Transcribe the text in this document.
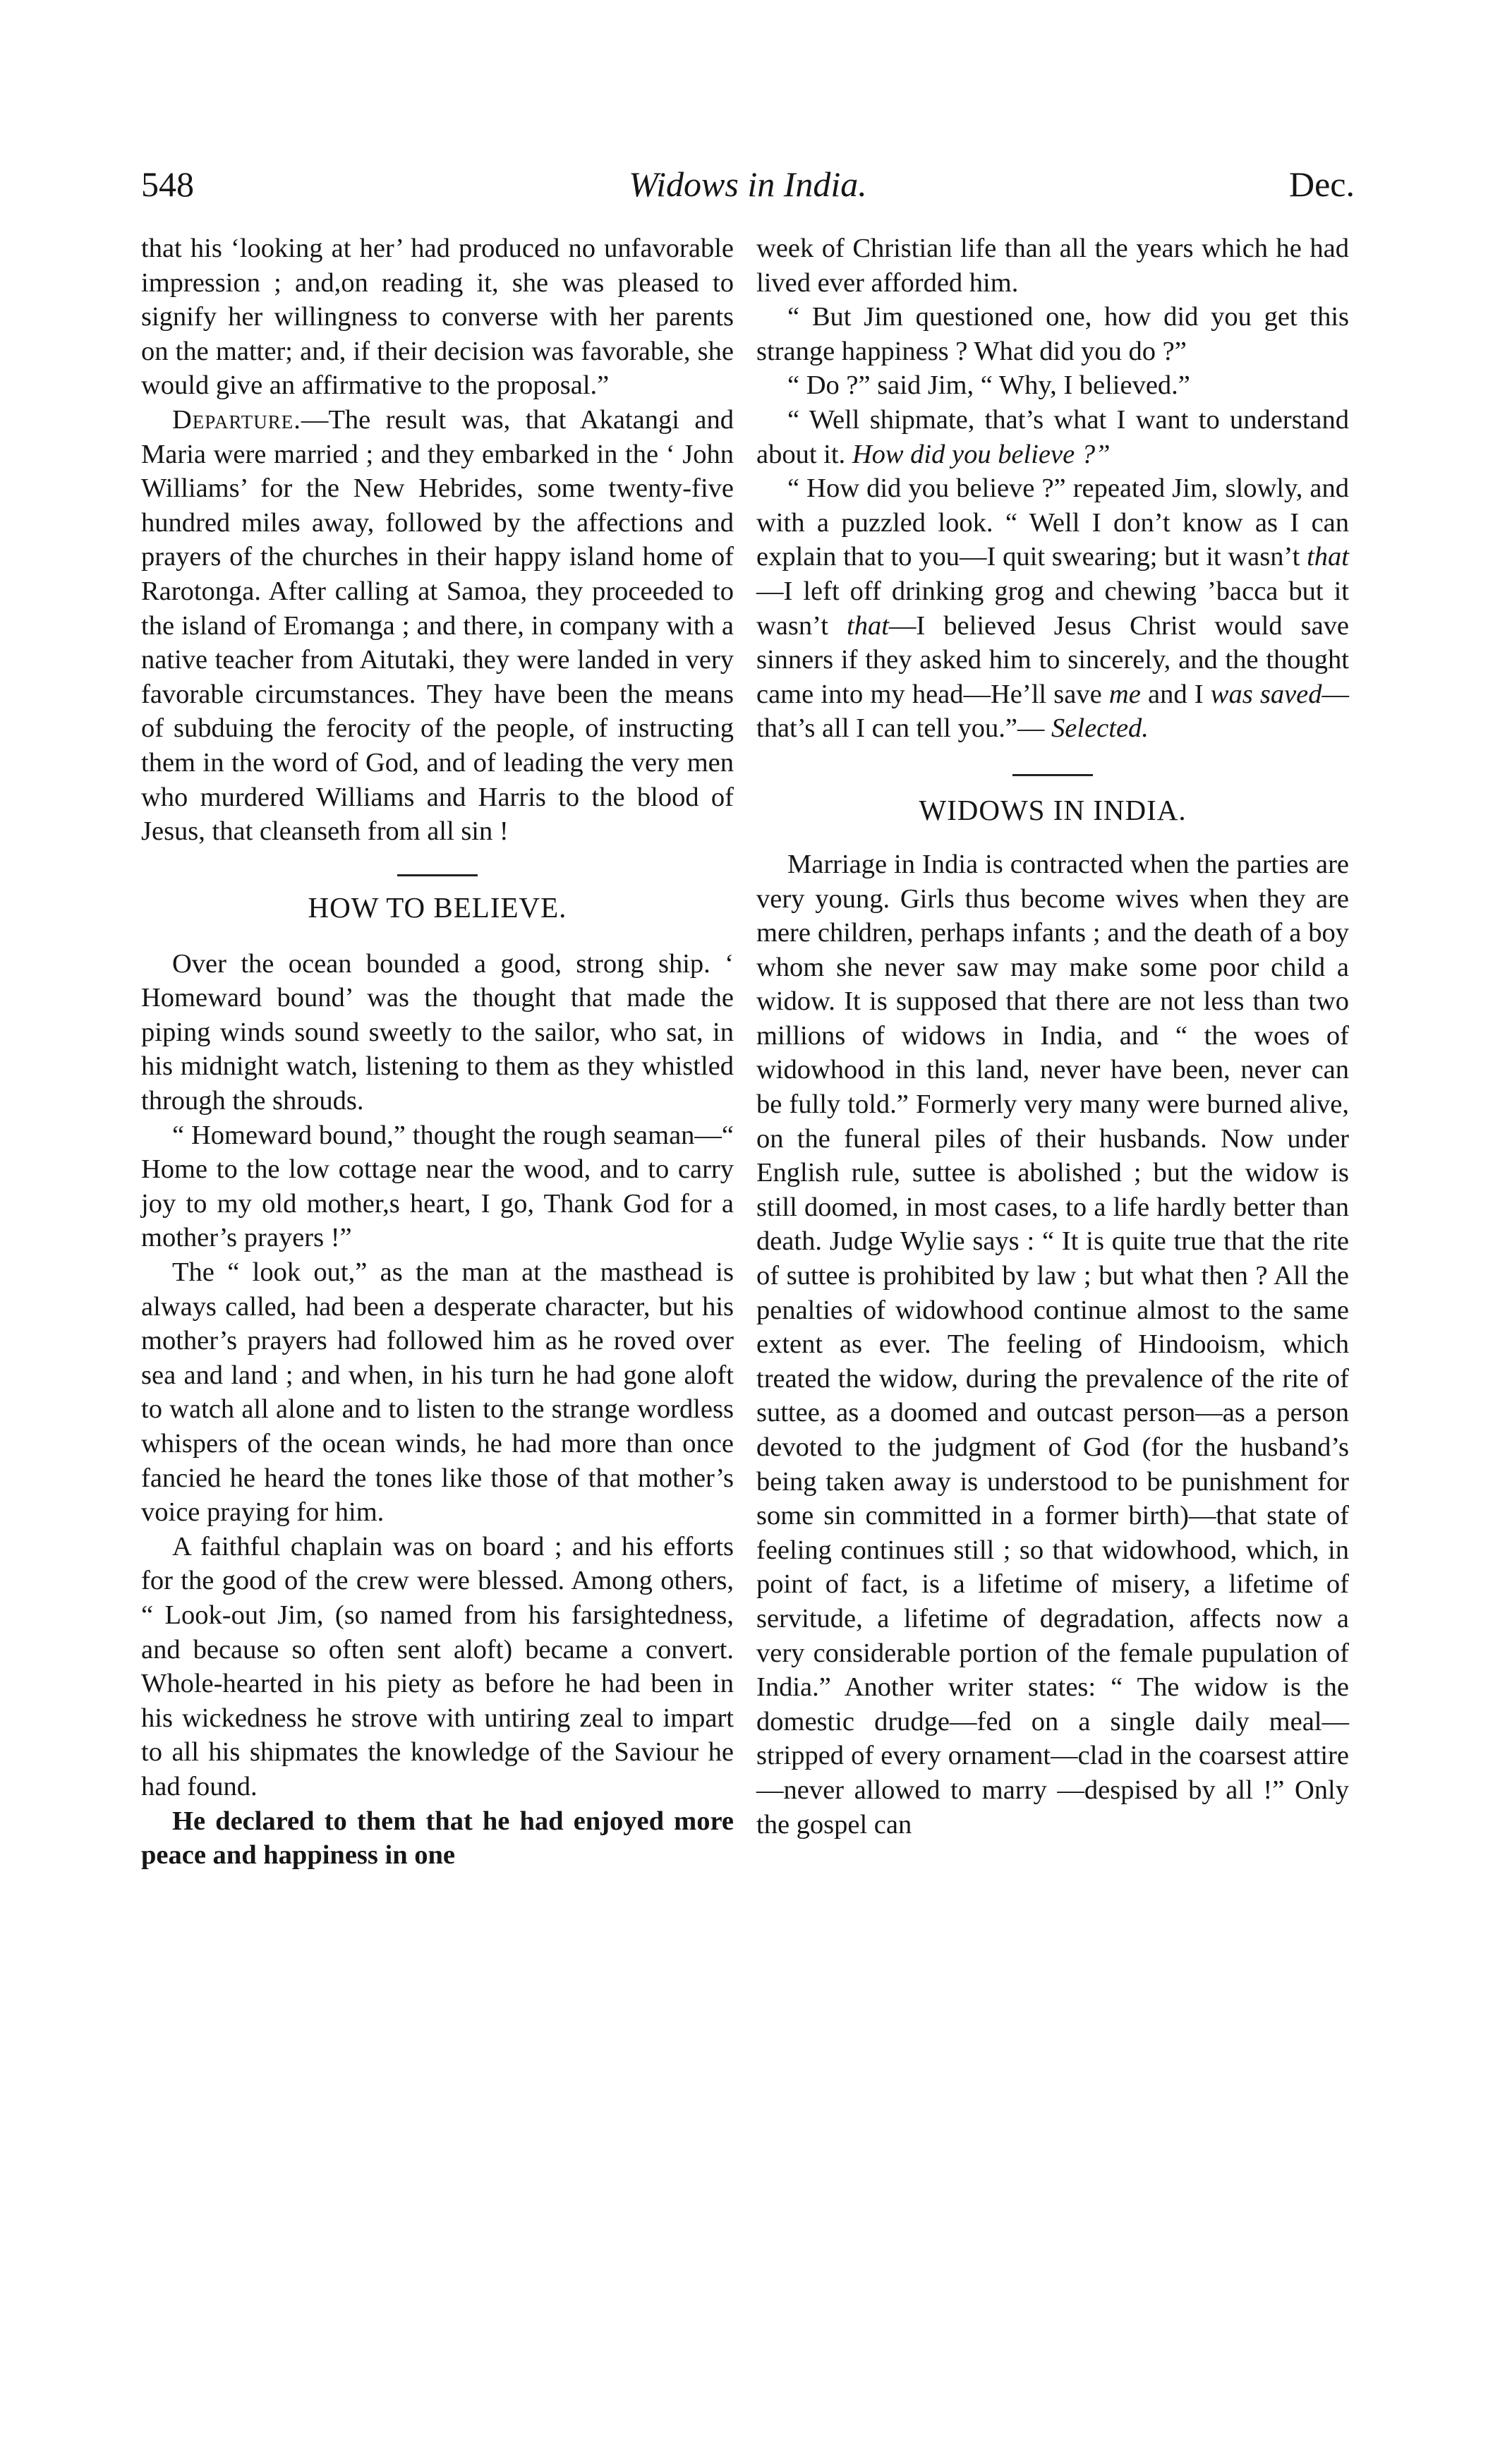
548	Widows in India.	Dec.

that his ‘looking at her’ had produced no unfavorable impression ; and,on reading it, she was pleased to signify her willingness to converse with her parents on the matter; and, if their decision was favorable, she would give an affirmative to the proposal.”

Departure.—The result was, that Akatangi and Maria were married ; and they embarked in the ‘ John Williams’ for the New Hebrides, some twenty-five hundred miles away, followed by the affections and prayers of the churches in their happy island home of Rarotonga. After calling at Samoa, they proceeded to the island of Eromanga ; and there, in company with a native teacher from Aitutaki, they were landed in very favorable circumstances. They have been the means of subduing the ferocity of the people, of instructing them in the word of God, and of leading the very men who murdered Williams and Harris to the blood of Jesus, that cleanseth from all sin !

HOW TO BELIEVE.

Over the ocean bounded a good, strong ship. ‘ Homeward bound’ was the thought that made the piping winds sound sweetly to the sailor, who sat, in his midnight watch, listening to them as they whistled through the shrouds.

“ Homeward bound,” thought the rough seaman—“ Home to the low cottage near the wood, and to carry joy to my old mother,s heart, I go, Thank God for a mother’s prayers !”

The “ look out,” as the man at the masthead is always called, had been a desperate character, but his mother’s prayers had followed him as he roved over sea and land ; and when, in his turn he had gone aloft to watch all alone and to listen to the strange wordless whispers of the ocean winds, he had more than once fancied he heard the tones like those of that mother’s voice praying for him.

A faithful chaplain was on board ; and his efforts for the good of the crew were blessed. Among others, “ Look-out Jim, (so named from his farsightedness, and because so often sent aloft) became a convert. Whole-hearted in his piety as before he had been in his wickedness he strove with untiring zeal to impart to all his shipmates the knowledge of the Saviour he had found.

He declared to them that he had enjoyed more peace and happiness in one

week of Christian life than all the years which he had lived ever afforded him.

“ But Jim questioned one, how did you get this strange happiness ? What did you do ?”

“ Do ?” said Jim, “ Why, I believed.”

“ Well shipmate, that’s what I want to understand about it. How did you believe ?”

“ How did you believe ?” repeated Jim, slowly, and with a puzzled look. “ Well I don’t know as I can explain that to you—I quit swearing; but it wasn’t that—I left off drinking grog and chewing ’bacca but it wasn’t that—I believed Jesus Christ would save sinners if they asked him to sincerely, and the thought came into my head—He’ll save me and I was saved—that’s all I can tell you.”— Selected.

WIDOWS IN INDIA.

Marriage in India is contracted when the parties are very young. Girls thus become wives when they are mere children, perhaps infants ; and the death of a boy whom she never saw may make some poor child a widow. It is supposed that there are not less than two millions of widows in India, and “ the woes of widowhood in this land, never have been, never can be fully told.” Formerly very many were burned alive, on the funeral piles of their husbands. Now under English rule, suttee is abolished ; but the widow is still doomed, in most cases, to a life hardly better than death. Judge Wylie says : “ It is quite true that the rite of suttee is prohibited by law ; but what then ? All the penalties of widowhood continue almost to the same extent as ever. The feeling of Hindooism, which treated the widow, during the prevalence of the rite of suttee, as a doomed and outcast person—as a person devoted to the judgment of God (for the husband’s being taken away is understood to be punishment for some sin committed in a former birth)—that state of feeling continues still ; so that widowhood, which, in point of fact, is a lifetime of misery, a lifetime of servitude, a lifetime of degradation, affects now a very considerable portion of the female pupulation of India.” Another writer states: “ The widow is the domestic drudge—fed on a single daily meal—stripped of every ornament—clad in the coarsest attire—never allowed to marry —despised by all !” Only the gospel can
